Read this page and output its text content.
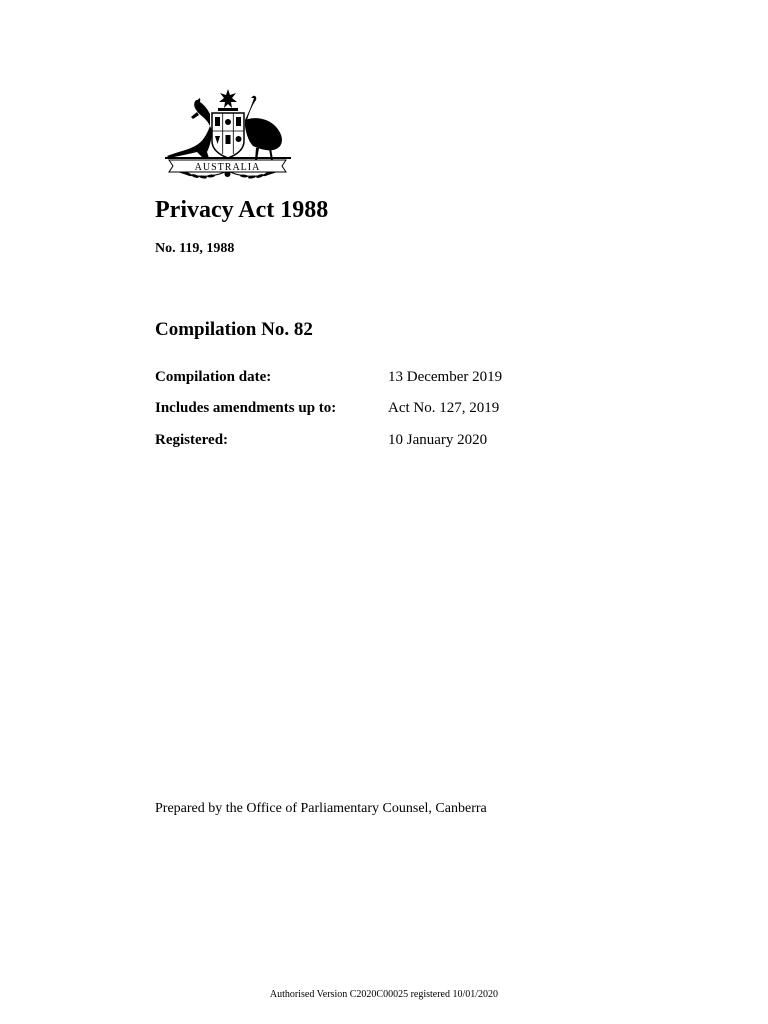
AUSTRALIA
Privacy Act 1988
No. 119, 1988
Compilation No. 82
Compilation date:	13 December 2019
Includes amendments up to:	Act No. 127, 2019
Registered:	10 January 2020
Prepared by the Office of Parliamentary Counsel, Canberra
Authorised Version C2020C00025 registered 10/01/2020
